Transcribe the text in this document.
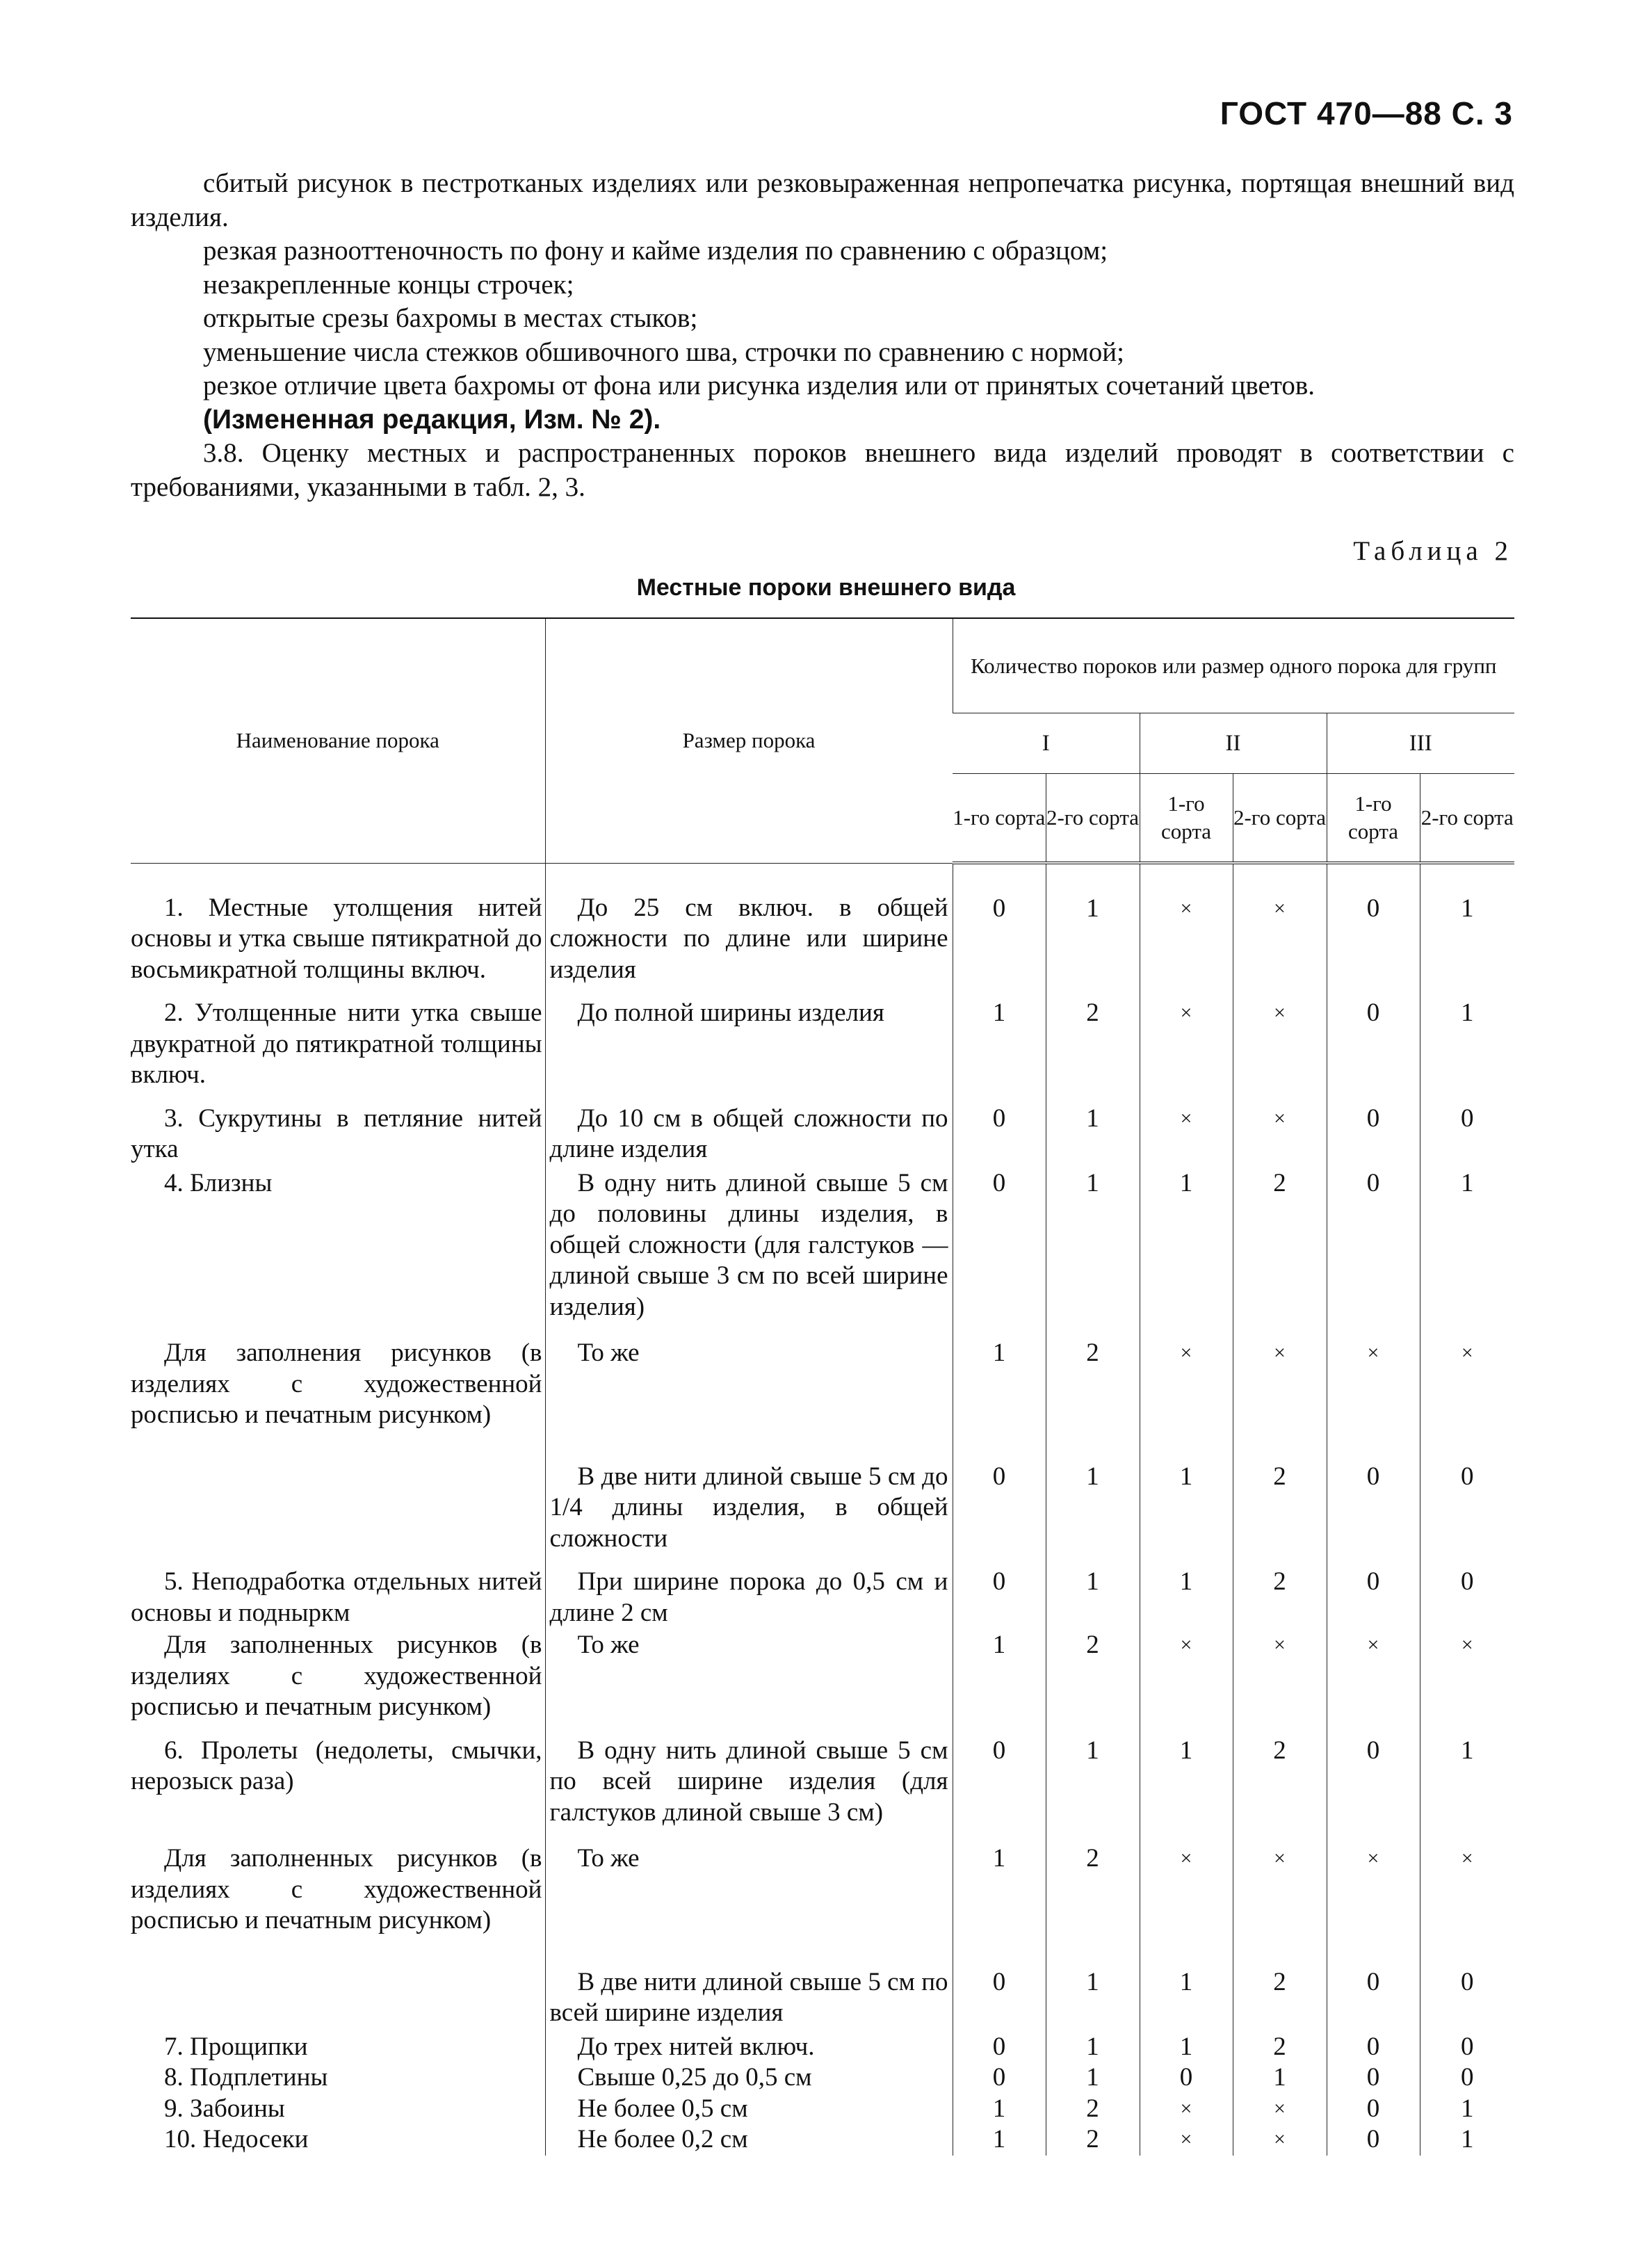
ГОСТ 470—88 С. 3

сбитый рисунок в пестротканых изделиях или резковыраженная непропечатка рисунка, портящая внешний вид изделия.

резкая разнооттеночность по фону и кайме изделия по сравнению с образцом;

незакрепленные концы строчек;

открытые срезы бахромы в местах стыков;

уменьшение числа стежков обшивочного шва, строчки по сравнению с нормой;

резкое отличие цвета бахромы от фона или рисунка изделия или от принятых сочетаний цветов.

(Измененная редакция, Изм. № 2).

3.8. Оценку местных и распространенных пороков внешнего вида изделий проводят в соответствии с требованиями, указанными в табл. 2, 3.

Таблица 2
Местные пороки внешнего вида
Наименование порока	Размер порока	Количество пороков или размер одного порока для групп					
		I		II		III	
		1-го сорта	2-го сорта	1-го сорта	2-го сорта	1-го сорта	2-го сорта

1. Местные утолщения нитей основы и утка свыше пятикратной до восьмикратной толщины включ.	До 25 см включ. в общей сложности по длине или ширине изделия	0	1	×	×	0	1

2. Утолщенные нити утка свыше двукратной до пятикратной толщины включ.	До полной ширины изделия	1	2	×	×	0	1

3. Сукрутины в петляние нитей утка	До 10 см в общей сложности по длине изделия	0	1	×	×	0	0

4. Близны	В одну нить длиной свыше 5 см до половины длины изделия, в общей сложности (для галстуков — длиной свыше 3 см по всей ширине изделия)	0	1	1	2	0	1

Для заполнения рисунков (в изделиях с художественной росписью и печатным рисунком)	То же	1	2	×	×	×	×

	В две нити длиной свыше 5 см до 1/4 длины изделия, в общей сложности	0	1	1	2	0	0

5. Неподработка отдельных нитей основы и подныркм	При ширине порока до 0,5 см и длине 2 см	0	1	1	2	0	0

Для заполненных рисунков (в изделиях с художественной росписью и печатным рисунком)	То же	1	2	×	×	×	×

6. Пролеты (недолеты, смычки, нерозыск раза)	В одну нить длиной свыше 5 см по всей ширине изделия (для галстуков длиной свыше 3 см)	0	1	1	2	0	1

Для заполненных рисунков (в изделиях с художественной росписью и печатным рисунком)	То же	1	2	×	×	×	×

	В две нити длиной свыше 5 см по всей ширине изделия	0	1	1	2	0	0

7. Прощипки	До трех нитей включ.	0	1	1	2	0	0

8. Подплетины	Свыше 0,25 до 0,5 см	0	1	0	1	0	0

9. Забоины	Не более 0,5 см	1	2	×	×	0	1

10. Недосеки	Не более 0,2 см	1	2	×	×	0	1
